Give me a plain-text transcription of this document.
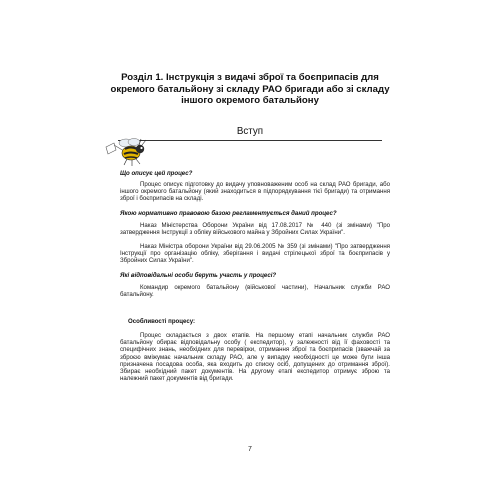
Розділ 1. Інструкція з видачі зброї та боєприпасів для окремого батальйону зі складу РАО бригади або зі складу іншого окремого батальйону
Вступ
Що описує цей процес?
Процес описує підготовку до видачу уповноваженим особ на склад РАО бригади, або іншого окремого батальйону (який знаходиться в підпорядкування тієї бригади) та отримання зброї і боєприпасів на складі.
Якою нормативно правовою базою регламентується даний процес?
Наказ Міністерства Оборони України від 17.08.2017 № 440 (зі змінами) "Про затвердження Інструкції з обліку військового майна у Збройних Силах України".
Наказ Міністра оборони України від 29.06.2005 № 359 (зі змінами) "Про затвердження Інструкції про організацію обліку, зберігання і видачі стрілецької зброї та боєприпасів у Збройних Силах України".
Які відповідальні особи беруть участь у процесі?
Командир окремого батальйону (військової частини), Начальник служби РАО батальйону.
Особливості процесу:
Процес складається з двох етапів. На першому етапі начальник служби РАО батальйону обирає відповідальну особу ( експедитор), у залежності від її фаховості та специфічних знань, необхідних для перевірки, отримання зброї та боєприпасів (зважчай за зброєю вміжумає начальник складу РАО, але у випадку необхідності це може бути інша призначена посадова особа, яка входить до списку осіб, допущених до отримання зброї). Збирає необхідний пакет документів. На другому етапі експедитор отримує зброю та належний пакет документів від бригади.
7
